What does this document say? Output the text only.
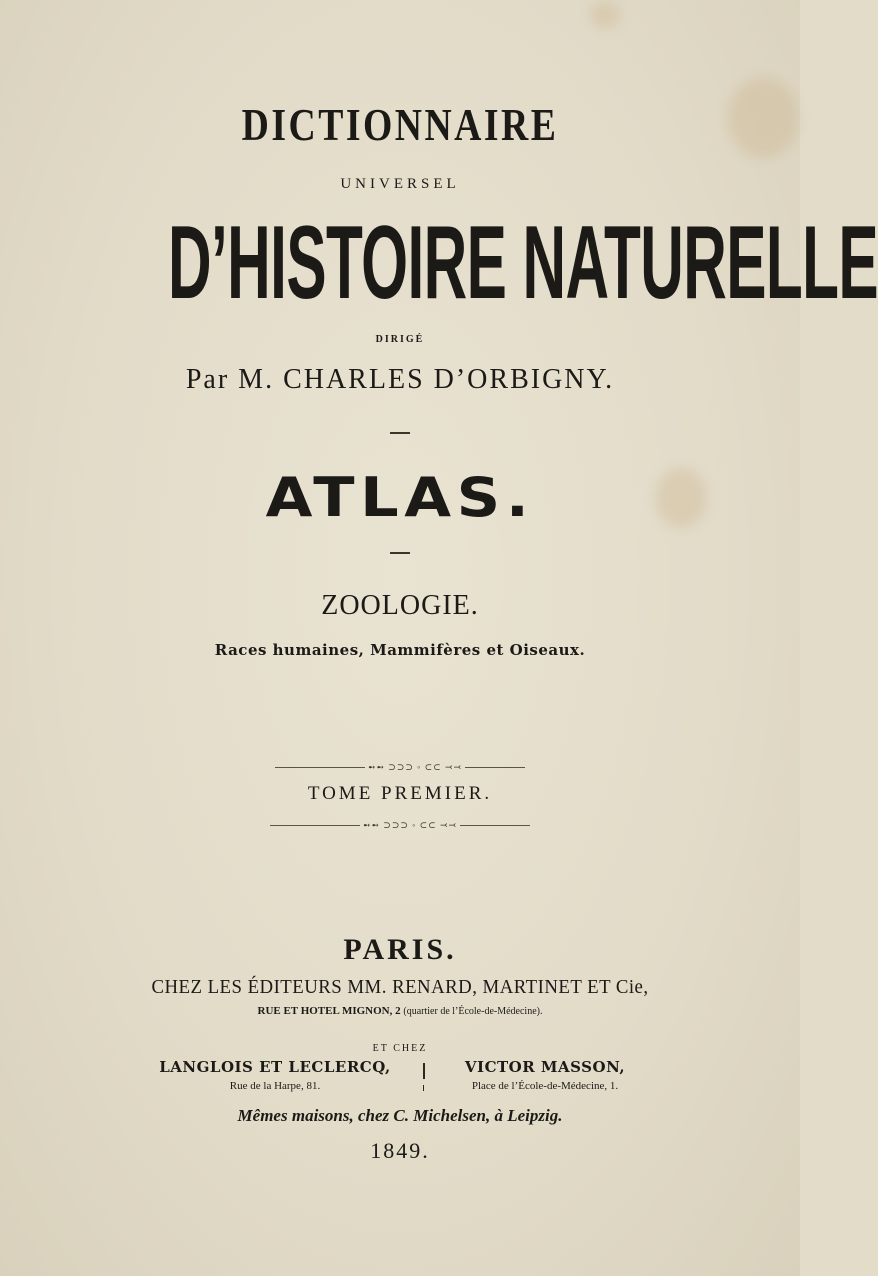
DICTIONNAIRE
UNIVERSEL
D’HISTOIRE NATURELLE
DIRIGÉ
Par M. CHARLES D’ORBIGNY.
ATLAS.
ZOOLOGIE.
Races humaines, Mammifères et Oiseaux.
➻➻ ⊃⊃⊃ ◦ ⊂⊂ ⤙⤙
TOME PREMIER.
➻➻ ⊃⊃⊃ ◦ ⊂⊂ ⤙⤙
PARIS.
CHEZ LES ÉDITEURS MM. RENARD, MARTINET ET Cie,
RUE ET HOTEL MIGNON, 2 (quartier de l’École-de-Médecine).
ET CHEZ
LANGLOIS ET LECLERCQ,
Rue de la Harpe, 81.
VICTOR MASSON,
Place de l’École-de-Médecine, 1.
Mêmes maisons, chez C. Michelsen, à Leipzig.
1849.
